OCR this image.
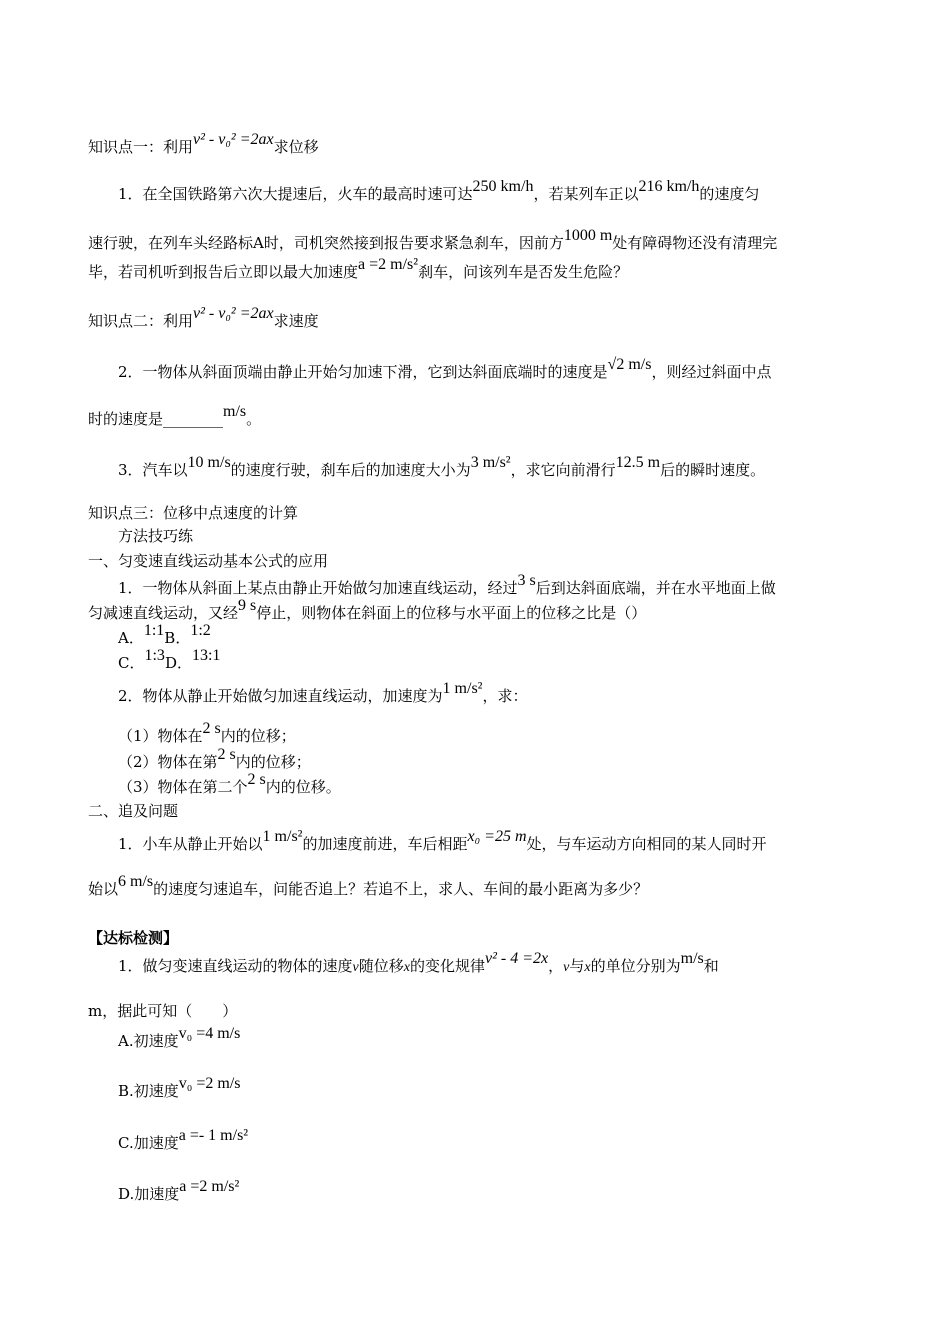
知识点一：利用v² - v₀² =2ax求位移
1．在全国铁路第六次大提速后，火车的最高时速可达250 km/h，若某列车正以216 km/h的速度匀
速行驶，在列车头经路标A时，司机突然接到报告要求紧急刹车，因前方1000 m处有障碍物还没有清理完
毕，若司机听到报告后立即以最大加速度a =2 m/s²刹车，问该列车是否发生危险？
知识点二：利用v² - v₀² =2ax求速度
2．一物体从斜面顶端由静止开始匀加速下滑，它到达斜面底端时的速度是√2 m/s，则经过斜面中点
时的速度是________m/s。
3．汽车以10 m/s的速度行驶，刹车后的加速度大小为3 m/s²，求它向前滑行12.5 m后的瞬时速度。
知识点三：位移中点速度的计算
方法技巧练
一、匀变速直线运动基本公式的应用
1．一物体从斜面上某点由静止开始做匀加速直线运动，经过3 s后到达斜面底端，并在水平地面上做
匀减速直线运动，又经9 s停止，则物体在斜面上的位移与水平面上的位移之比是（）
A．1:1B．1:2
C．1:3D．13:1
2．物体从静止开始做匀加速直线运动，加速度为1 m/s²，求：
（1）物体在2 s内的位移；
（2）物体在第2 s内的位移；
（3）物体在第二个2 s内的位移。
二、追及问题
1．小车从静止开始以1 m/s²的加速度前进，车后相距x₀ =25 m处，与车运动方向相同的某人同时开
始以6 m/s的速度匀速追车，问能否追上？若追不上，求人、车间的最小距离为多少？
【达标检测】
1．做匀变速直线运动的物体的速度v随位移x的变化规律v² - 4 =2x，v与x的单位分别为m/s和
m，据此可知（　　）
A.初速度v₀ =4 m/s
B.初速度v₀ =2 m/s
C.加速度a =- 1 m/s²
D.加速度a =2 m/s²
